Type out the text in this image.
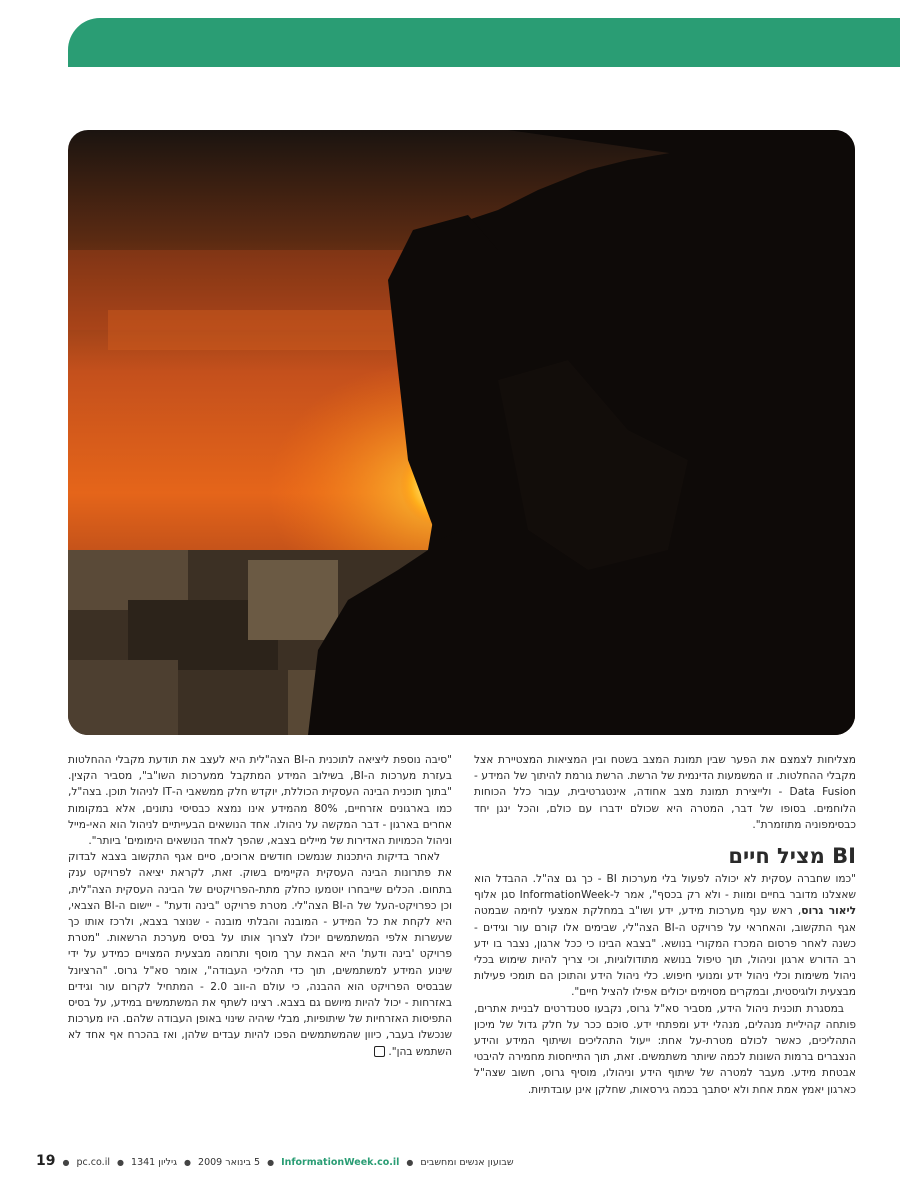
מצליחות לצמצם את הפער שבין תמונת המצב בשטח ובין המציאות המצטיירת אצל מקבלי ההחלטות. זו המשמעות הדינמית של הרשת. הרשת גורמת להיתוך של המידע - Data Fusion - ולייצירת תמונת מצב אחודה, אינטגרטיבית, עבור כלל הכוחות הלוחמים. בסופו של דבר, המטרה היא שכולם ידברו עם כולם, והכל ינגן יחד כבסימפוניה מתוזמרת".

BI מציל חיים

"כמו שחברה עסקית לא יכולה לפעול בלי מערכות BI - כך גם צה"ל. ההבדל הוא שאצלנו מדובר בחיים ומוות - ולא רק בכסף", אמר ל-InformationWeek סגן אלוף ליאור גרוס, ראש ענף מערכות מידע, ידע ושו"ב במחלקת אמצעי לחימה שבמטה אגף התקשוב, והאחראי על פרויקט ה-BI הצה"לי, שבימים אלו קורם עור וגידים - כשנה לאחר פרסום המכרז המקורי בנושא. "בצבא הבינו כי ככל ארגון, נצבר בו ידע רב הדורש ארגון וניהול, תוך טיפול בנושא מתודולוגיות, וכי צריך להיות שימוש בכלי ניהול משימות וכלי ניהול ידע ומנועי חיפוש. כלי ניהול הידע והתוכן הם תומכי פעילות מבצעית ולוגיסטית, ובמקרים מסוימים יכולים אפילו להציל חיים".

במסגרת תוכנית ניהול הידע, מסביר סא"ל גרוס, נקבעו סטנדרטים לבניית אתרים, פותחה קהיליית מנהלים, מנהלי ידע ומפתחי ידע. סוכם ככר על חלק גדול של מיכון התהליכים, כאשר לכולם מטרת-על אחת: ייעול התהליכים ושיתוף המידע והידע הנצברים ברמות השונות לכמה שיותר משתמשים. זאת, תוך התייחסות מחמירה להיבטי אבטחת מידע. מעבר למטרה של שיתוף הידע וניהולו, מוסיף גרוס, חשוב שצה"ל כארגון יאמץ אמת אחת ולא יסתבך בכמה גירסאות, שחלקן אינן עובדתיות.

"סיבה נוספת ליציאה לתוכנית ה-BI הצה"לית היא לעצב את תודעת מקבלי ההחלטות בעזרת מערכות ה-BI, בשילוב המידע המתקבל ממערכות השו"ב", מסביר הקצין. "בתוך תוכנית הבינה העסקית הכוללת, יוקדש חלק ממשאבי ה-IT לניהול תוכן. בצה"ל, כמו בארגונים אזרחיים, 80% מהמידע אינו נמצא כבסיסי נתונים, אלא במקומות אחרים בארגון - דבר המקשה על ניהולו. אחד הנושאים הבעייתיים לניהול הוא האי-מייל וניהול הכמויות האדירות של מיילים בצבא, שהפך לאחד הנושאים הימומים' ביותר".

לאחר בדיקות היתכנות שנמשכו חודשים ארוכים, סיים אגף התקשוב בצבא לבדוק את פתרונות הבינה העסקית הקיימים בשוק. זאת, לקראת יציאה לפרויקט ענק בתחום. הכלים שייבחרו יוטמעו כחלק מתת-הפרויקטים של הבינה העסקית הצה"לית, וכן כפרויקט-העל של ה-BI הצה"לי. מטרת פרויקט "בינה ודעת" - יישום ה-BI הצבאי, היא לקחת את כל המידע - המובנה והבלתי מובנה - שנוצר בצבא, ולרכז אותו כך שעשרות אלפי המשתמשים יוכלו לצרוך אותו על בסיס מערכת הרשאות. "מטרת פרויקט 'בינה ודעת' היא הבאת ערך מוסף ותרומה מבצעית המצויים כמידע על ידי שינוע המידע למשתמשים, תוך כדי תהליכי העבודה", אומר סא"ל גרוס. "הרציונל שבבסיס הפרויקט הוא ההבנה, כי עולם ה-ווב 2.0 - המתחיל לקרום עור וגידים באזרחות - יכול להיות מיושם גם בצבא. רצינו לשתף את המשתמשים במידע, על בסיס התפיסות האזרחיות של שיתופיות, מבלי שיהיה שינוי באופן העבודה שלהם. היו מערכות שנכשלו בעבר, כיוון שהמשתמשים הפכו להיות עבדים שלהן, ואז בהכרח אף אחד לא השתמש בהן".

19 ● pc.co.il ●	5 בינואר 2009 ● גיליון 1341	● InformationWeek.co.il ● שבועון אנשים ומחשבים
